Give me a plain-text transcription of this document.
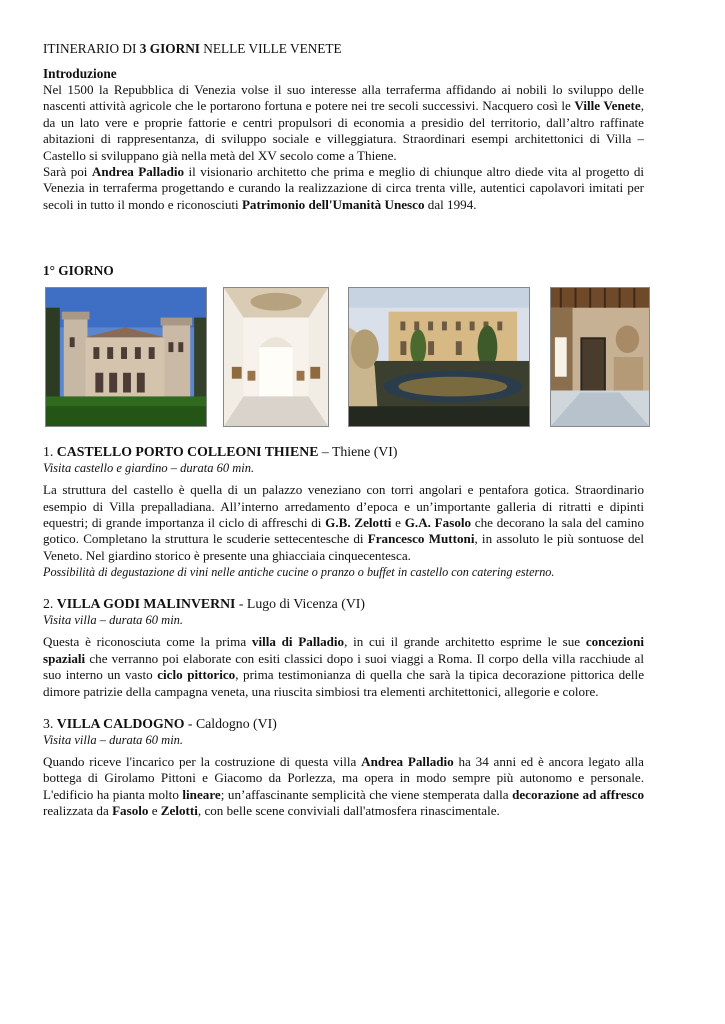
ITINERARIO DI 3 GIORNI NELLE VILLE VENETE
Introduzione

Nel 1500 la Repubblica di Venezia volse il suo interesse alla terraferma affidando ai nobili lo sviluppo delle nascenti attività agricole che le portarono fortuna e potere nei tre secoli successivi. Nacquero così le Ville Venete, da un lato vere e proprie fattorie e centri propulsori di economia a presidio del territorio, dall’altro raffinate abitazioni di rappresentanza, di sviluppo sociale e villeggiatura. Straordinari esempi architettonici di Villa – Castello si sviluppano già nella metà del XV secolo come a Thiene.

Sarà poi Andrea Palladio il visionario architetto che prima e meglio di chiunque altro diede vita al progetto di Venezia in terraferma progettando e curando la realizzazione di circa trenta ville, autentici capolavori imitati per secoli in tutto il mondo e riconosciuti Patrimonio dell'Umanità Unesco dal 1994.

1° GIORNO
1. CASTELLO PORTO COLLEONI THIENE – Thiene (VI)
Visita castello e giardino – durata 60 min.

La struttura del castello è quella di un palazzo veneziano con torri angolari e pentafora gotica. Straordinario esempio di Villa prepalladiana. All’interno arredamento d’epoca e un’importante galleria di ritratti e dipinti equestri; di grande importanza il ciclo di affreschi di G.B. Zelotti e G.A. Fasolo che decorano la sala del camino gotico. Completano la struttura le scuderie settecentesche di Francesco Muttoni, in assoluto le più sontuose del Veneto. Nel giardino storico è presente una ghiacciaia cinquecentesca.

Possibilità di degustazione di vini nelle antiche cucine o pranzo o buffet in castello con catering esterno.
2. VILLA GODI MALINVERNI - Lugo di Vicenza (VI)
Visita villa – durata 60 min.

Questa è riconosciuta come la prima villa di Palladio, in cui il grande architetto esprime le sue concezioni spaziali che verranno poi elaborate con esiti classici dopo i suoi viaggi a Roma. Il corpo della villa racchiude al suo interno un vasto ciclo pittorico, prima testimonianza di quella che sarà la tipica decorazione pittorica delle dimore patrizie della campagna veneta, una riuscita simbiosi tra elementi architettonici, allegorie e colore.

3. VILLA CALDOGNO - Caldogno (VI)
Visita villa – durata 60 min.

Quando riceve l'incarico per la costruzione di questa villa Andrea Palladio ha 34 anni ed è ancora legato alla bottega di Girolamo Pittoni e Giacomo da Porlezza, ma opera in modo sempre più autonomo e personale. L'edificio ha pianta molto lineare; un’affascinante semplicità che viene stemperata dalla decorazione ad affresco realizzata da Fasolo e Zelotti, con belle scene conviviali dall'atmosfera rinascimentale.
